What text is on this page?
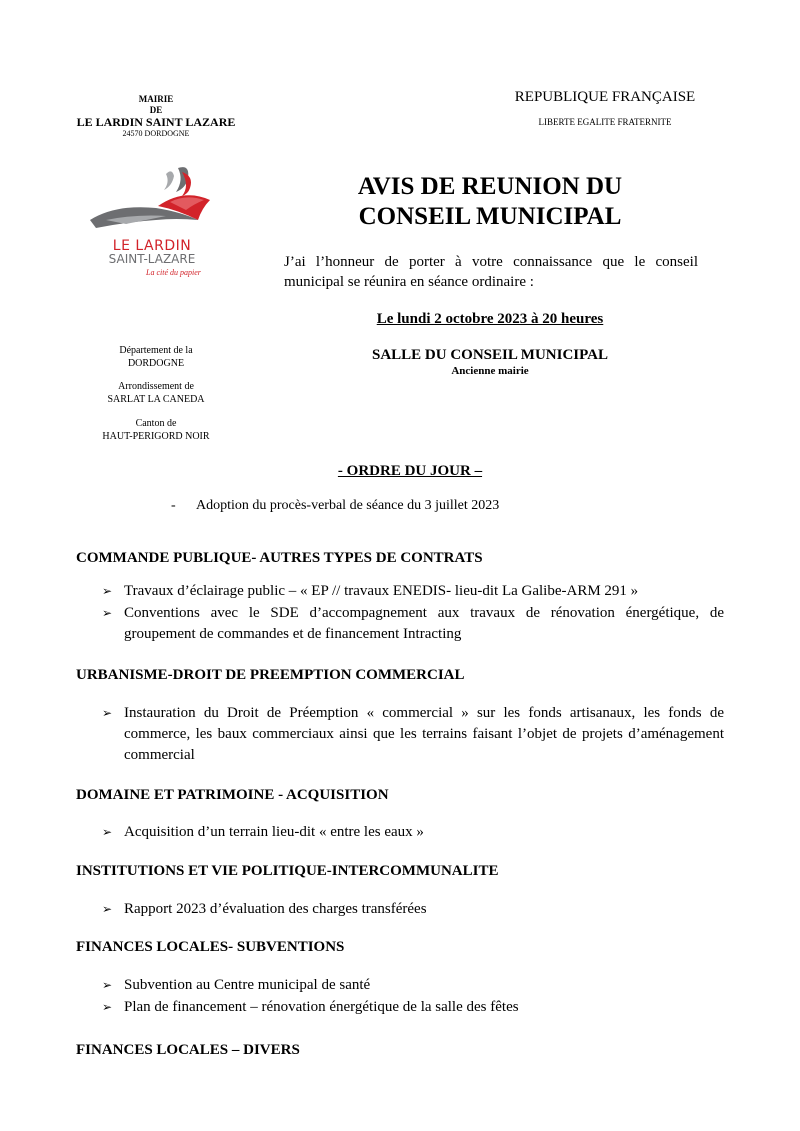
MAIRIE
DE
LE LARDIN SAINT LAZARE
24570 DORDOGNE
REPUBLIQUE FRANÇAISE
LIBERTE EGALITE FRATERNITE
LE LARDIN
SAINT-LAZARE
La cité du papier
Département de la
DORDOGNE
Arrondissement de
SARLAT LA CANEDA
Canton de
HAUT-PERIGORD NOIR
AVIS DE REUNION DU
CONSEIL MUNICIPAL
J’ai l’honneur de porter à votre connaissance que le conseil municipal se réunira en séance ordinaire :
Le lundi 2 octobre 2023 à 20 heures
SALLE DU CONSEIL MUNICIPAL
Ancienne mairie
- ORDRE DU JOUR –
- Adoption du procès-verbal de séance du 3 juillet 2023
COMMANDE PUBLIQUE- AUTRES TYPES DE CONTRATS
➢ Travaux d’éclairage public – « EP // travaux ENEDIS- lieu-dit La Galibe-ARM 291 »
➢ Conventions avec le SDE d’accompagnement aux travaux de rénovation énergétique, de groupement de commandes et de financement Intracting
URBANISME-DROIT DE PREEMPTION COMMERCIAL
➢ Instauration du Droit de Préemption « commercial » sur les fonds artisanaux, les fonds de commerce, les baux commerciaux ainsi que les terrains faisant l’objet de projets d’aménagement commercial
DOMAINE ET PATRIMOINE - ACQUISITION
➢ Acquisition d’un terrain lieu-dit « entre les eaux »
INSTITUTIONS ET VIE POLITIQUE-INTERCOMMUNALITE
➢ Rapport 2023 d’évaluation des charges transférées
FINANCES LOCALES- SUBVENTIONS
➢ Subvention au Centre municipal de santé
➢ Plan de financement – rénovation énergétique de la salle des fêtes
FINANCES LOCALES – DIVERS
